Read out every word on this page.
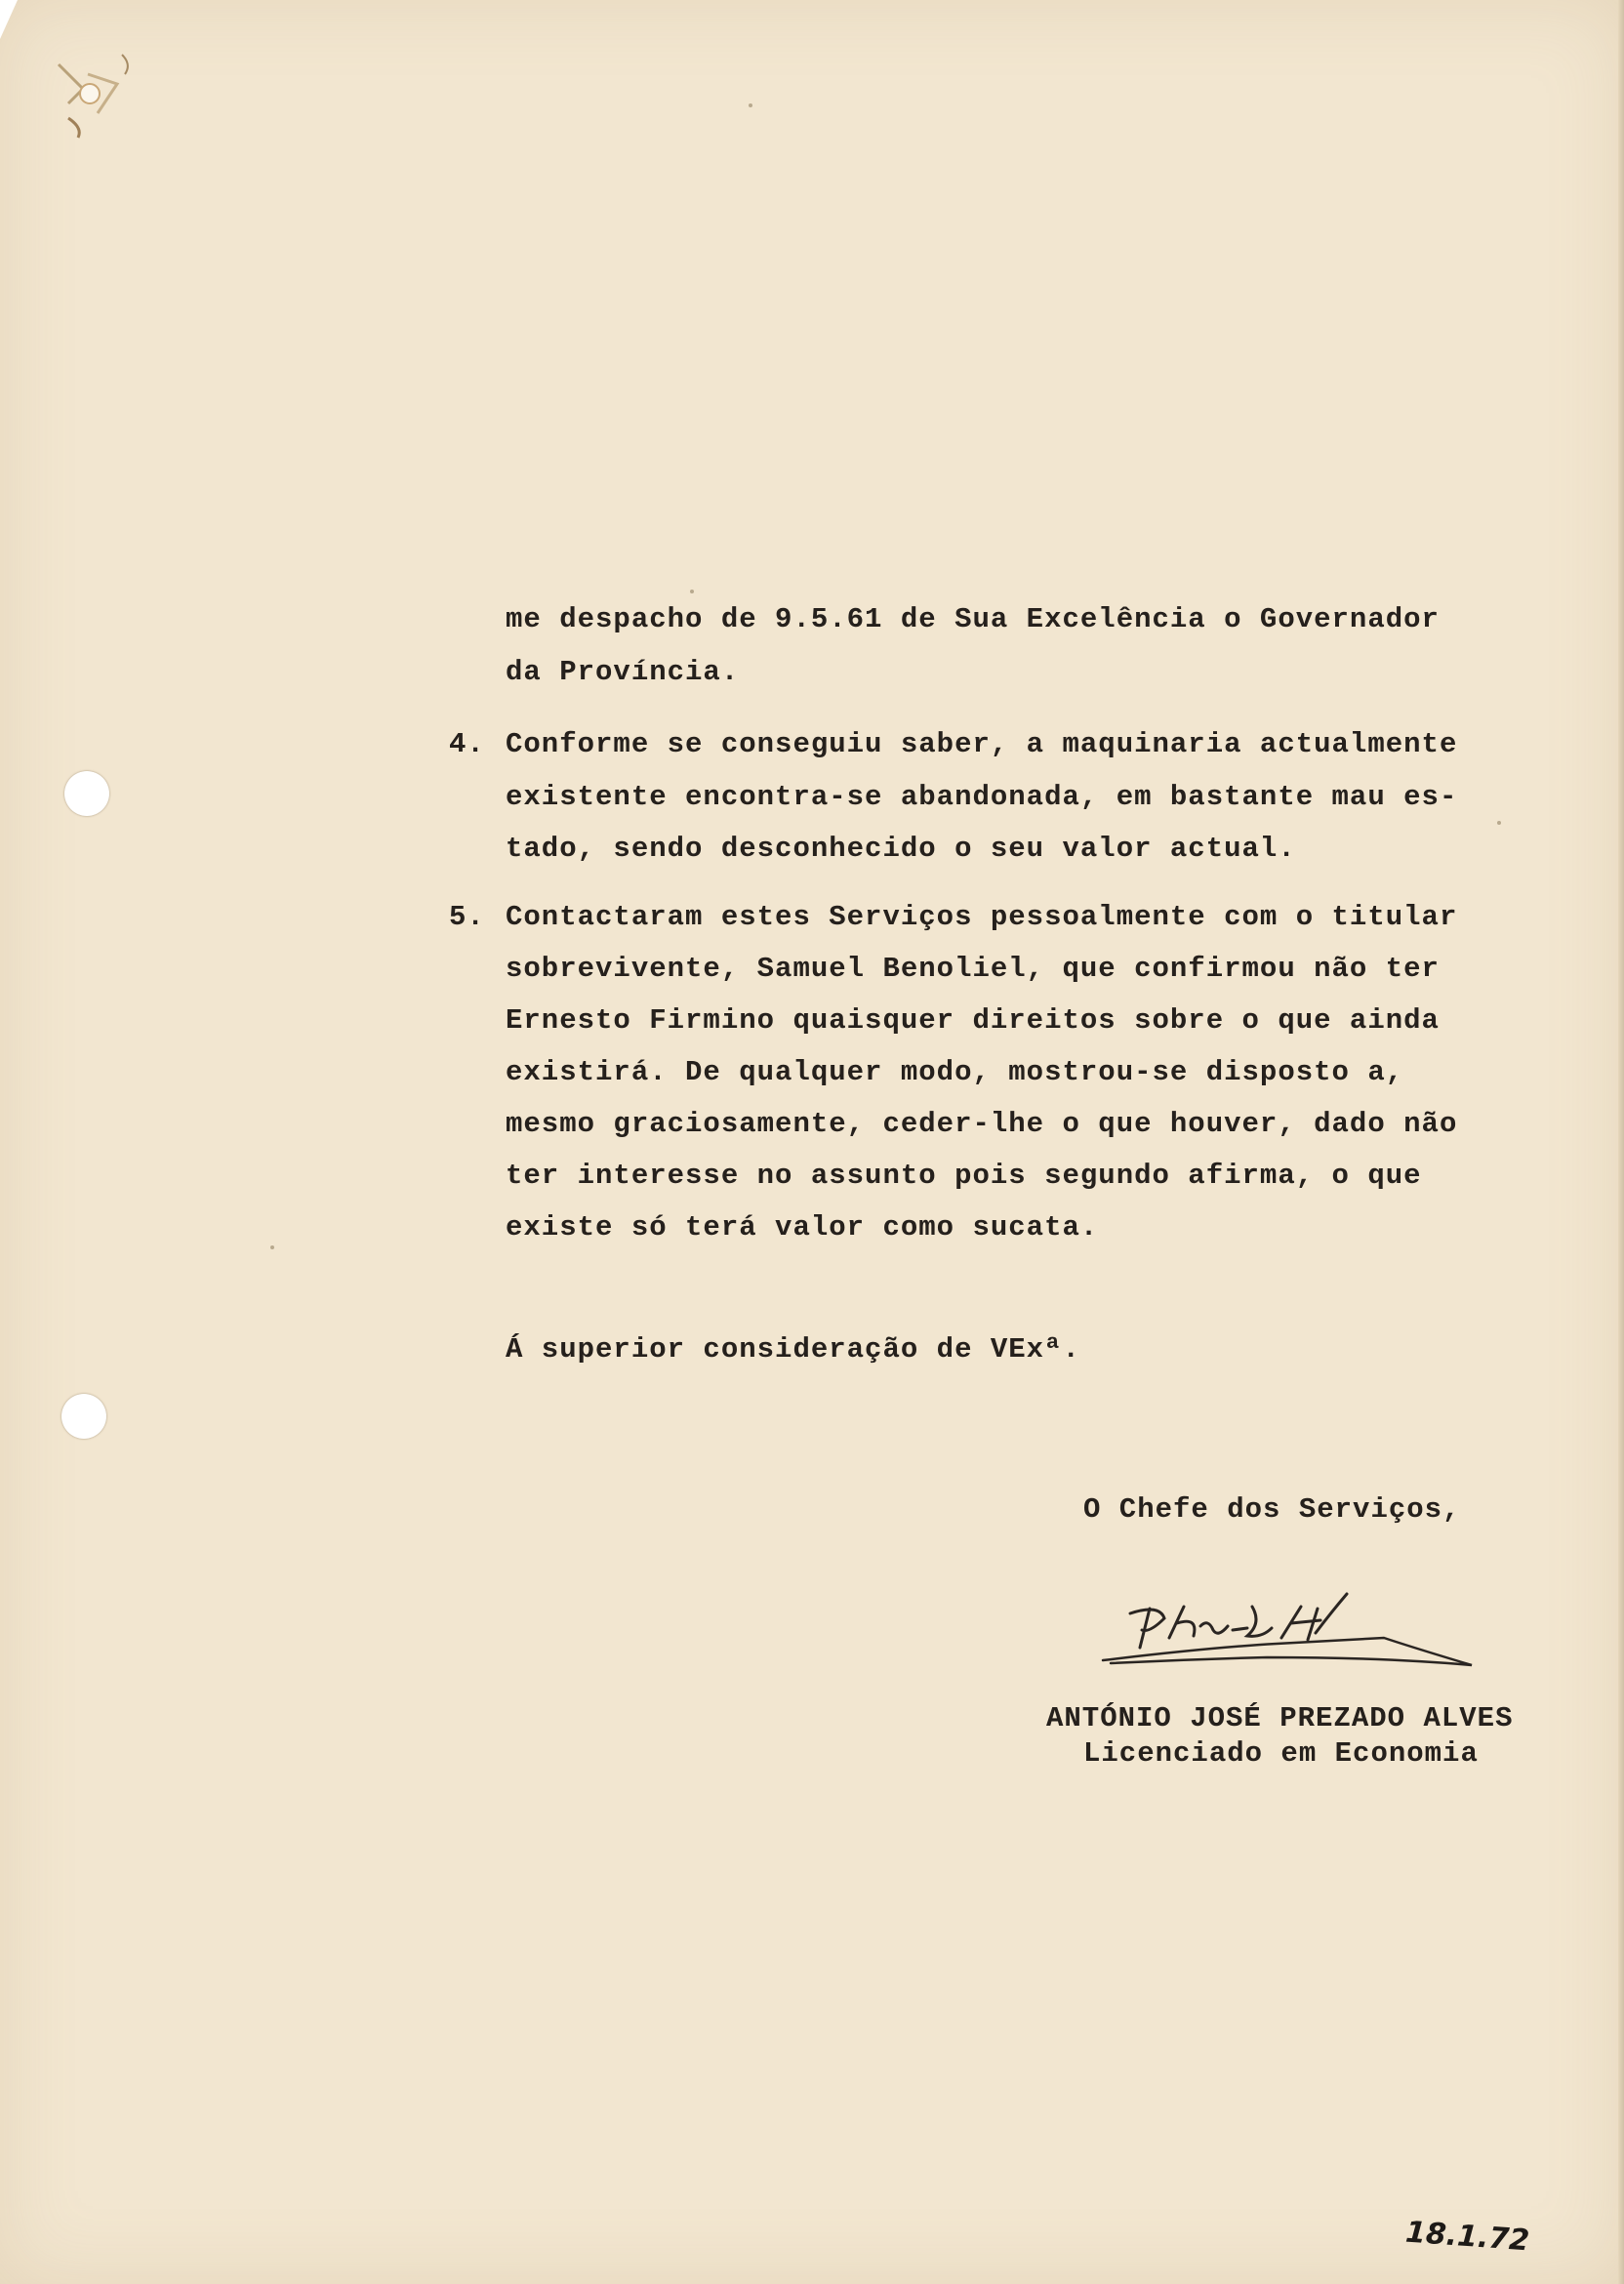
me despacho de 9.5.61 de Sua Excelência o Governador
da Província.
4. Conforme se conseguiu saber, a maquinaria actualmente
existente encontra-se abandonada, em bastante mau es-
tado, sendo desconhecido o seu valor actual.
5. Contactaram estes Serviços pessoalmente com o titular
sobrevivente, Samuel Benoliel, que confirmou não ter
Ernesto Firmino quaisquer direitos sobre o que ainda
existirá. De qualquer modo, mostrou-se disposto a,
mesmo graciosamente, ceder-lhe o que houver, dado não
ter interesse no assunto pois segundo afirma, o que
existe só terá valor como sucata.
Á superior consideração de VExª.
O Chefe dos Serviços,
ANTÓNIO JOSÉ PREZADO ALVES
Licenciado em Economia
18.1.72
